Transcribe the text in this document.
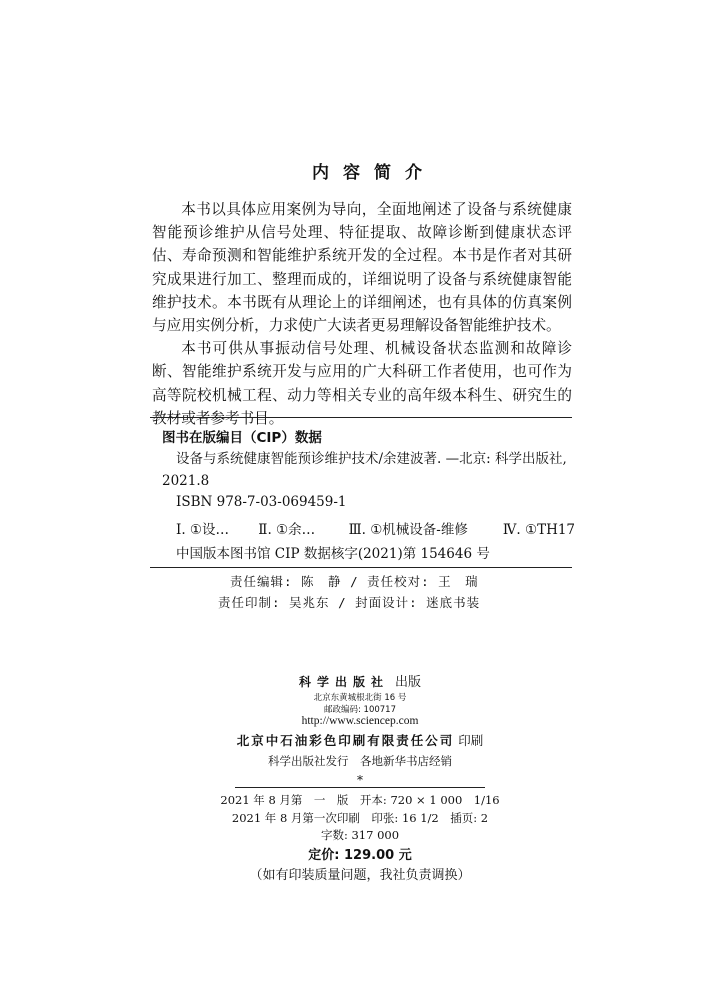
内容简介

本书以具体应用案例为导向，全面地阐述了设备与系统健康智能预诊维护从信号处理、特征提取、故障诊断到健康状态评估、寿命预测和智能维护系统开发的全过程。本书是作者对其研究成果进行加工、整理而成的，详细说明了设备与系统健康智能维护技术。本书既有从理论上的详细阐述，也有具体的仿真案例与应用实例分析，力求使广大读者更易理解设备智能维护技术。

本书可供从事振动信号处理、机械设备状态监测和故障诊断、智能维护系统开发与应用的广大科研工作者使用，也可作为高等院校机械工程、动力等相关专业的高年级本科生、研究生的教材或者参考书目。

图书在版编目（CIP）数据
设备与系统健康智能预诊维护技术/余建波著. —北京: 科学出版社,
2021.8
ISBN 978-7-03-069459-1
Ⅰ. ①设… Ⅱ. ①余… Ⅲ. ①机械设备-维修	Ⅳ. ①TH17
中国版本图书馆 CIP 数据核字(2021)第 154646 号
责任编辑: 陈　静 / 责任校对: 王　瑞
责任印制: 吴兆东 / 封面设计: 迷底书装
科学出版社 出版
北京东黄城根北街 16 号
邮政编码: 100717
http://www.sciencep.com
北京中石油彩色印刷有限责任公司 印刷
科学出版社发行　各地新华书店经销
*
2021 年 8 月第　一　版　开本: 720 × 1 000　1/16
2021 年 8 月第一次印刷　印张: 16 1/2　插页: 2
字数: 317 000
定价: 129.00 元
（如有印装质量问题，我社负责调换）
